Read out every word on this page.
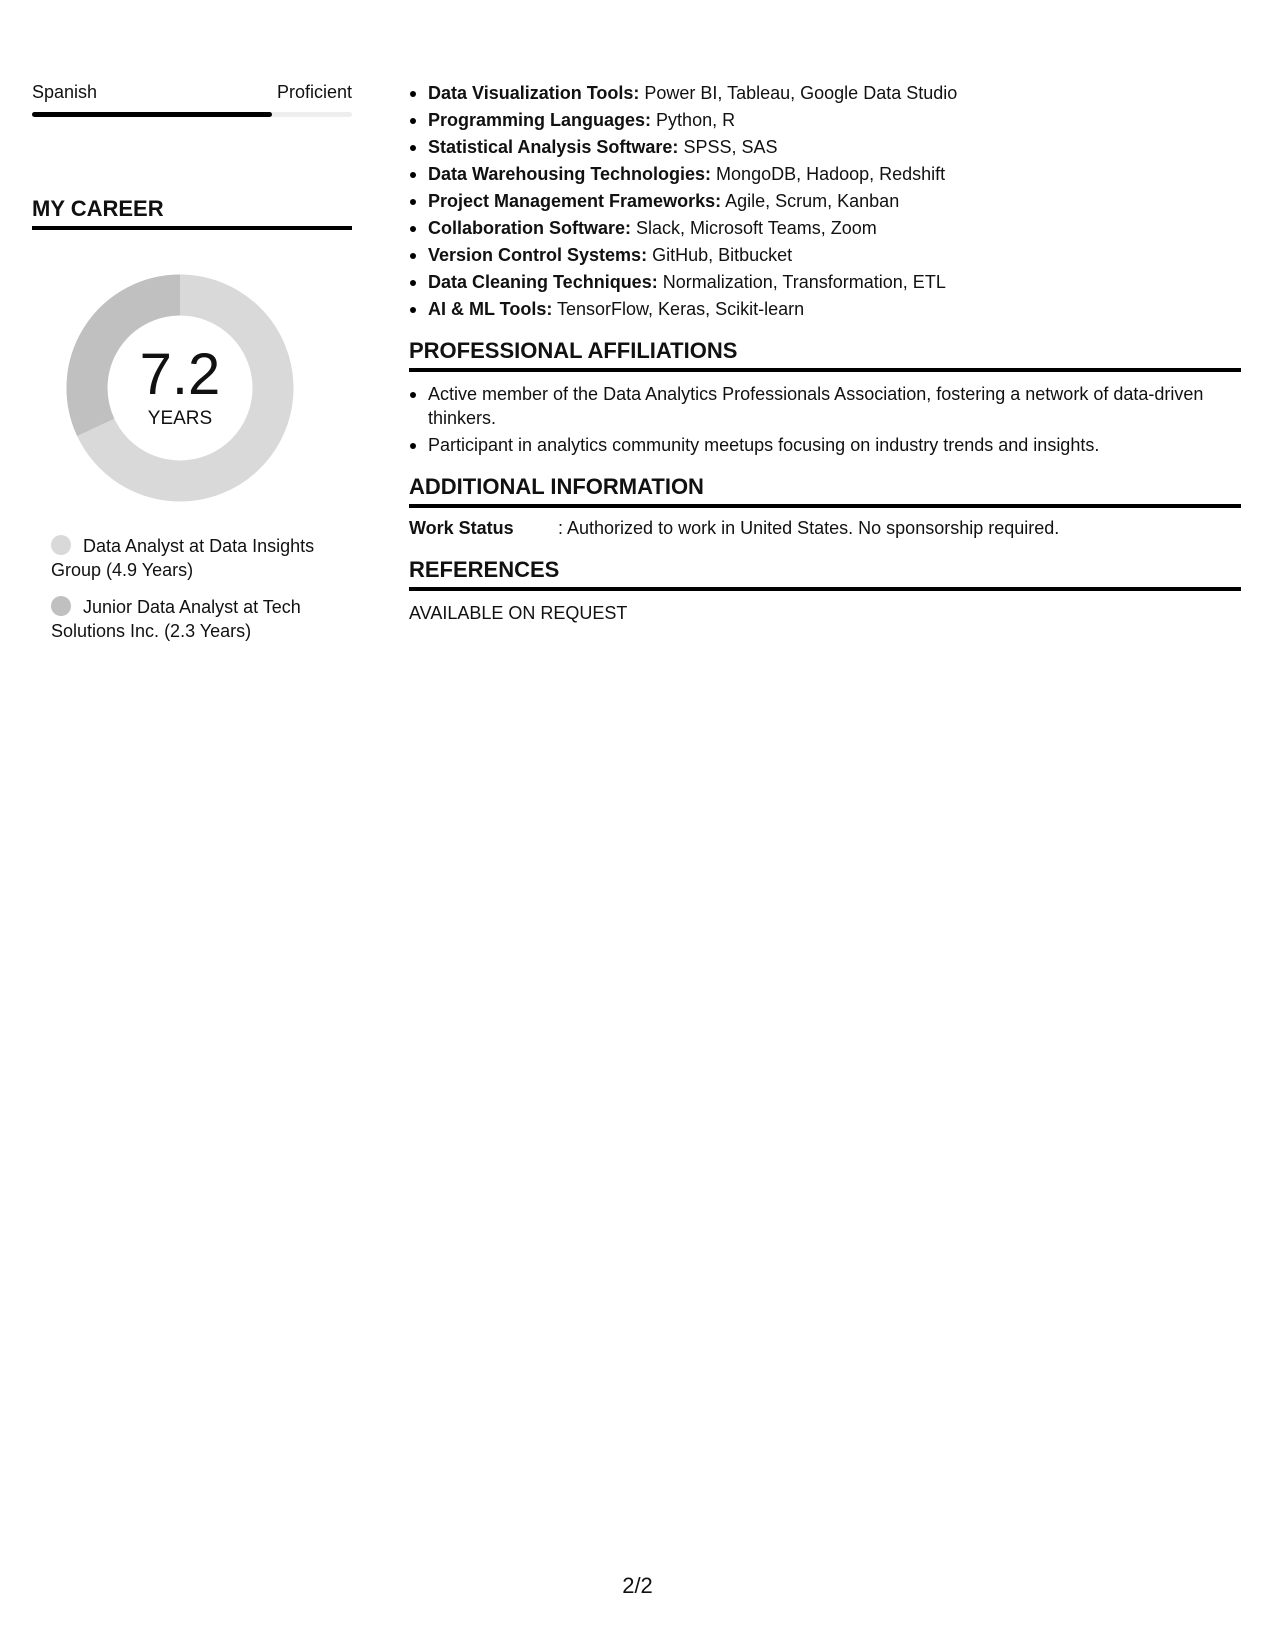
Spanish	Proficient
MY CAREER
7.2
YEARS
Data Analyst at Data Insights Group (4.9 Years)
Junior Data Analyst at Tech Solutions Inc. (2.3 Years)
Data Visualization Tools: Power BI, Tableau, Google Data Studio
Programming Languages: Python, R
Statistical Analysis Software: SPSS, SAS
Data Warehousing Technologies: MongoDB, Hadoop, Redshift
Project Management Frameworks: Agile, Scrum, Kanban
Collaboration Software: Slack, Microsoft Teams, Zoom
Version Control Systems: GitHub, Bitbucket
Data Cleaning Techniques: Normalization, Transformation, ETL
AI & ML Tools: TensorFlow, Keras, Scikit-learn
PROFESSIONAL AFFILIATIONS
Active member of the Data Analytics Professionals Association, fostering a network of data-driven thinkers.
Participant in analytics community meetups focusing on industry trends and insights.
ADDITIONAL INFORMATION
Work Status	: Authorized to work in United States. No sponsorship required.
REFERENCES
AVAILABLE ON REQUEST
2/2
